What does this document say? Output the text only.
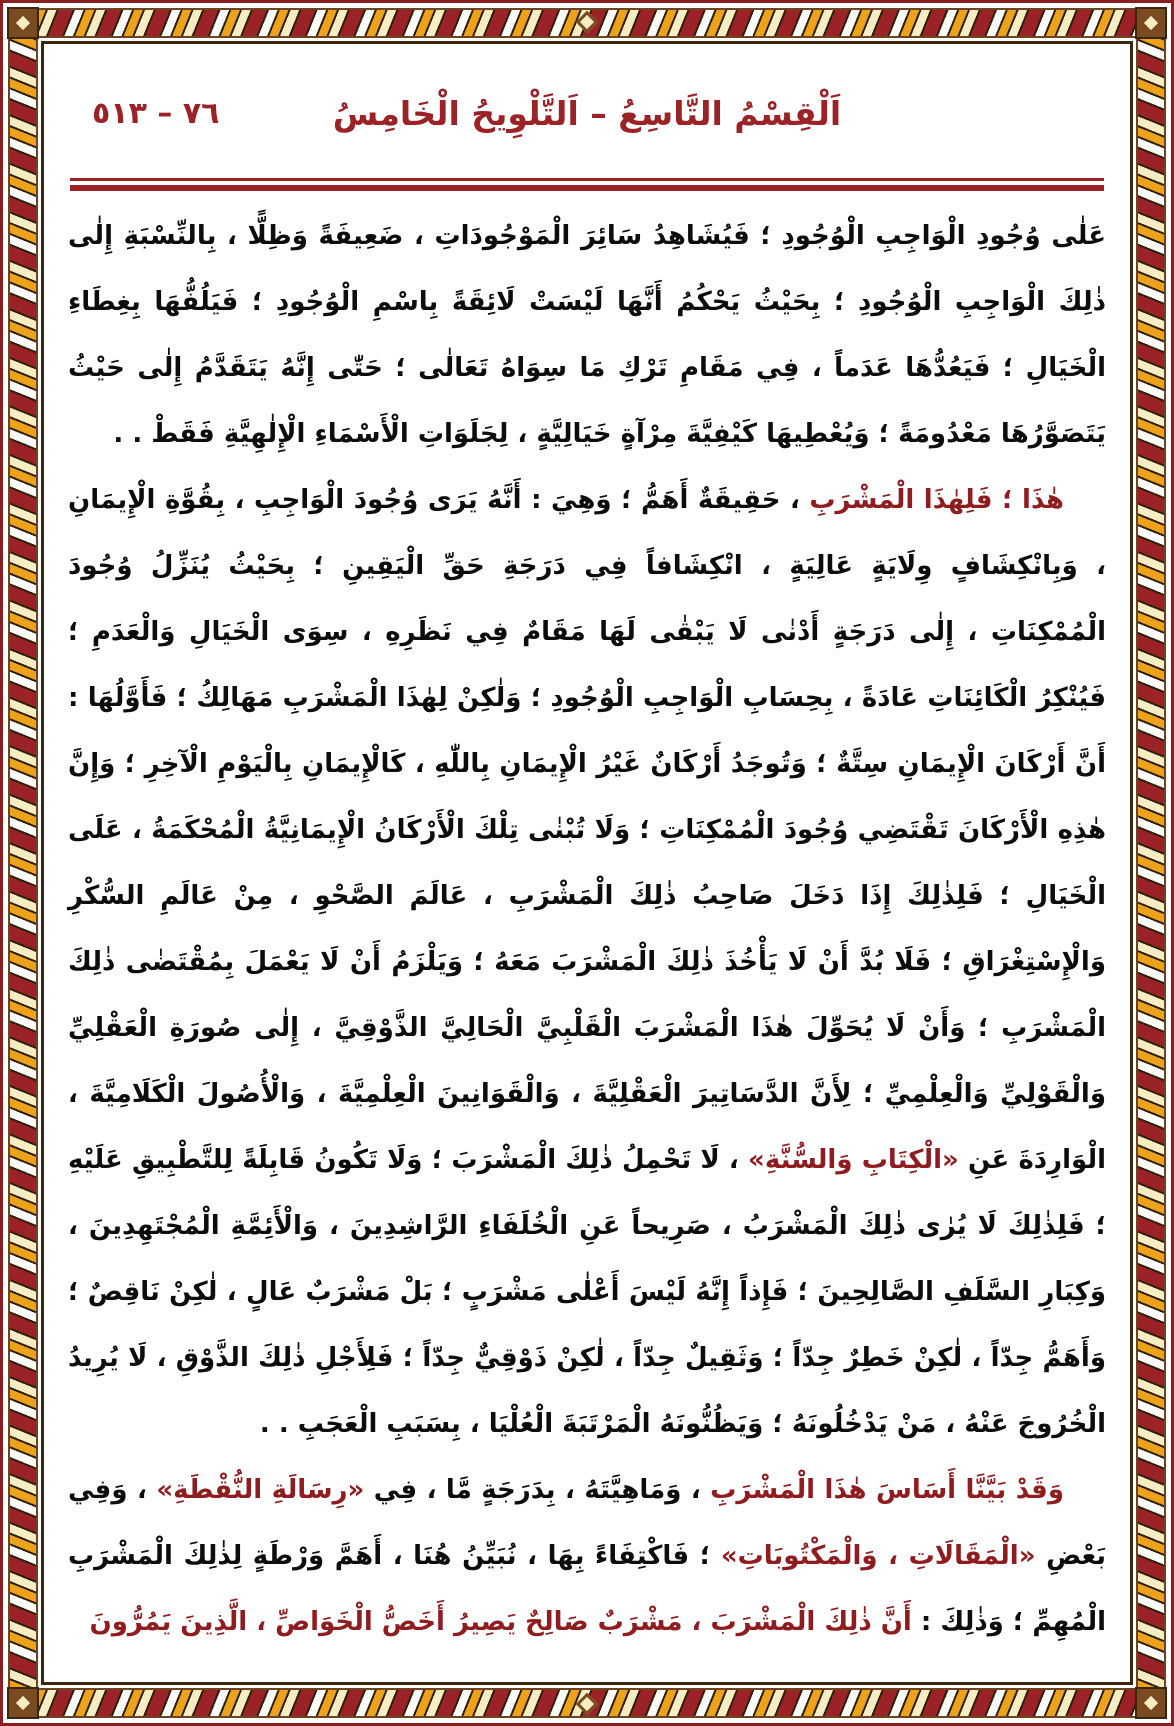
٧٦ – ٥١٣	اَلْقِسْمُ التَّاسِعُ – اَلتَّلْوِيحُ الْخَامِسُ

عَلٰى وُجُودِ الْوَاجِبِ الْوُجُودِ ؛ فَيُشَاهِدُ سَائِرَ الْمَوْجُودَاتِ ، ضَعِيفَةً وَظِلًّا ، بِالنِّسْبَةِ إِلٰى ذٰلِكَ الْوَاجِبِ الْوُجُودِ ؛ بِحَيْثُ يَحْكُمُ أَنَّهَا لَيْسَتْ لَائِقَةً بِاسْمِ الْوُجُودِ ؛ فَيَلُفُّهَا بِغِطَاءِ الْخَيَالِ ؛ فَيَعُدُّهَا عَدَماً ، فِي مَقَامِ تَرْكِ مَا سِوَاهُ تَعَالٰى ؛ حَتّٰى إِنَّهُ يَتَقَدَّمُ إِلٰى حَيْثُ يَتَصَوَّرُهَا مَعْدُومَةً ؛ وَيُعْطِيهَا كَيْفِيَّةَ مِرْآةٍ خَيَالِيَّةٍ ، لِجَلَوَاتِ الْأَسْمَاءِ الْإِلٰهِيَّةِ فَقَطْ . .

هٰذَا ؛ فَلِهٰذَا الْمَشْرَبِ ، حَقِيقَةٌ أَهَمُّ ؛ وَهِيَ : أَنَّهُ يَرَى وُجُودَ الْوَاجِبِ ، بِقُوَّةِ الْإِيمَانِ ، وَبِانْكِشَافٍ وِلَايَةٍ عَالِيَةٍ ، انْكِشَافاً فِي دَرَجَةِ حَقِّ الْيَقِينِ ؛ بِحَيْثُ يُنَزِّلُ وُجُودَ الْمُمْكِنَاتِ ، إِلٰى دَرَجَةٍ أَدْنٰى لَا يَبْقٰى لَهَا مَقَامٌ فِي نَظَرِهِ ، سِوَى الْخَيَالِ وَالْعَدَمِ ؛ فَيُنْكِرُ الْكَائِنَاتِ عَادَةً ، بِحِسَابِ الْوَاجِبِ الْوُجُودِ ؛ وَلٰكِنْ لِهٰذَا الْمَشْرَبِ مَهَالِكُ ؛ فَأَوَّلُهَا : أَنَّ أَرْكَانَ الْإِيمَانِ سِتَّةٌ ؛ وَتُوجَدُ أَرْكَانٌ غَيْرُ الْإِيمَانِ بِاللّٰهِ ، كَالْإِيمَانِ بِالْيَوْمِ الْآخِرِ ؛ وَإِنَّ هٰذِهِ الْأَرْكَانَ تَقْتَضِي وُجُودَ الْمُمْكِنَاتِ ؛ وَلَا تُبْنٰى تِلْكَ الْأَرْكَانُ الْإِيمَانِيَّةُ الْمُحْكَمَةُ ، عَلَى الْخَيَالِ ؛ فَلِذٰلِكَ إِذَا دَخَلَ صَاحِبُ ذٰلِكَ الْمَشْرَبِ ، عَالَمَ الصَّحْوِ ، مِنْ عَالَمِ السُّكْرِ وَالْإِسْتِغْرَاقِ ؛ فَلَا بُدَّ أَنْ لَا يَأْخُذَ ذٰلِكَ الْمَشْرَبَ مَعَهُ ؛ وَيَلْزَمُ أَنْ لَا يَعْمَلَ بِمُقْتَضٰى ذٰلِكَ الْمَشْرَبِ ؛ وَأَنْ لَا يُحَوِّلَ هٰذَا الْمَشْرَبَ الْقَلْبِيَّ الْحَالِيَّ الذَّوْقِيَّ ، إِلٰى صُورَةِ الْعَقْلِيِّ وَالْقَوْلِيِّ وَالْعِلْمِيِّ ؛ لِأَنَّ الدَّسَاتِيرَ الْعَقْلِيَّةَ ، وَالْقَوَانِينَ الْعِلْمِيَّةَ ، وَالْأُصُولَ الْكَلَامِيَّةَ ، الْوَارِدَةَ عَنِ «الْكِتَابِ وَالسُّنَّةِ» ، لَا تَحْمِلُ ذٰلِكَ الْمَشْرَبَ ؛ وَلَا تَكُونُ قَابِلَةً لِلتَّطْبِيقِ عَلَيْهِ ؛ فَلِذٰلِكَ لَا يُرٰى ذٰلِكَ الْمَشْرَبُ ، صَرِيحاً عَنِ الْخُلَفَاءِ الرَّاشِدِينَ ، وَالْأَئِمَّةِ الْمُجْتَهِدِينَ ، وَكِبَارِ السَّلَفِ الصَّالِحِينَ ؛ فَإِذاً إِنَّهُ لَيْسَ أَعْلٰى مَشْرَبٍ ؛ بَلْ مَشْرَبٌ عَالٍ ، لٰكِنْ نَاقِصٌ ؛ وَأَهَمُّ جِدّاً ، لٰكِنْ خَطِرٌ جِدّاً ؛ وَثَقِيلٌ جِدّاً ، لٰكِنْ ذَوْقِيٌّ جِدّاً ؛ فَلِأَجْلِ ذٰلِكَ الذَّوْقِ ، لَا يُرِيدُ الْخُرُوجَ عَنْهُ ، مَنْ يَدْخُلُونَهُ ؛ وَيَظُنُّونَهُ الْمَرْتَبَةَ الْعُلْيَا ، بِسَبَبِ الْعَجَبِ . .

وَقَدْ بَيَّنَّا أَسَاسَ هٰذَا الْمَشْرَبِ ، وَمَاهِيَّتَهُ ، بِدَرَجَةٍ مَّا ، فِي «رِسَالَةِ النُّقْطَةِ» ، وَفِي بَعْضِ «الْمَقَالَاتِ ، وَالْمَكْتُوبَاتِ» ؛ فَاكْتِفَاءً بِهَا ، نُبَيِّنُ هُنَا ، أَهَمَّ وَرْطَةٍ لِذٰلِكَ الْمَشْرَبِ الْمُهِمِّ ؛ وَذٰلِكَ : أَنَّ ذٰلِكَ الْمَشْرَبَ ، مَشْرَبٌ صَالِحٌ يَصِيرُ أَخَصُّ الْخَوَاصِّ ، الَّذِينَ يَمُرُّونَ
